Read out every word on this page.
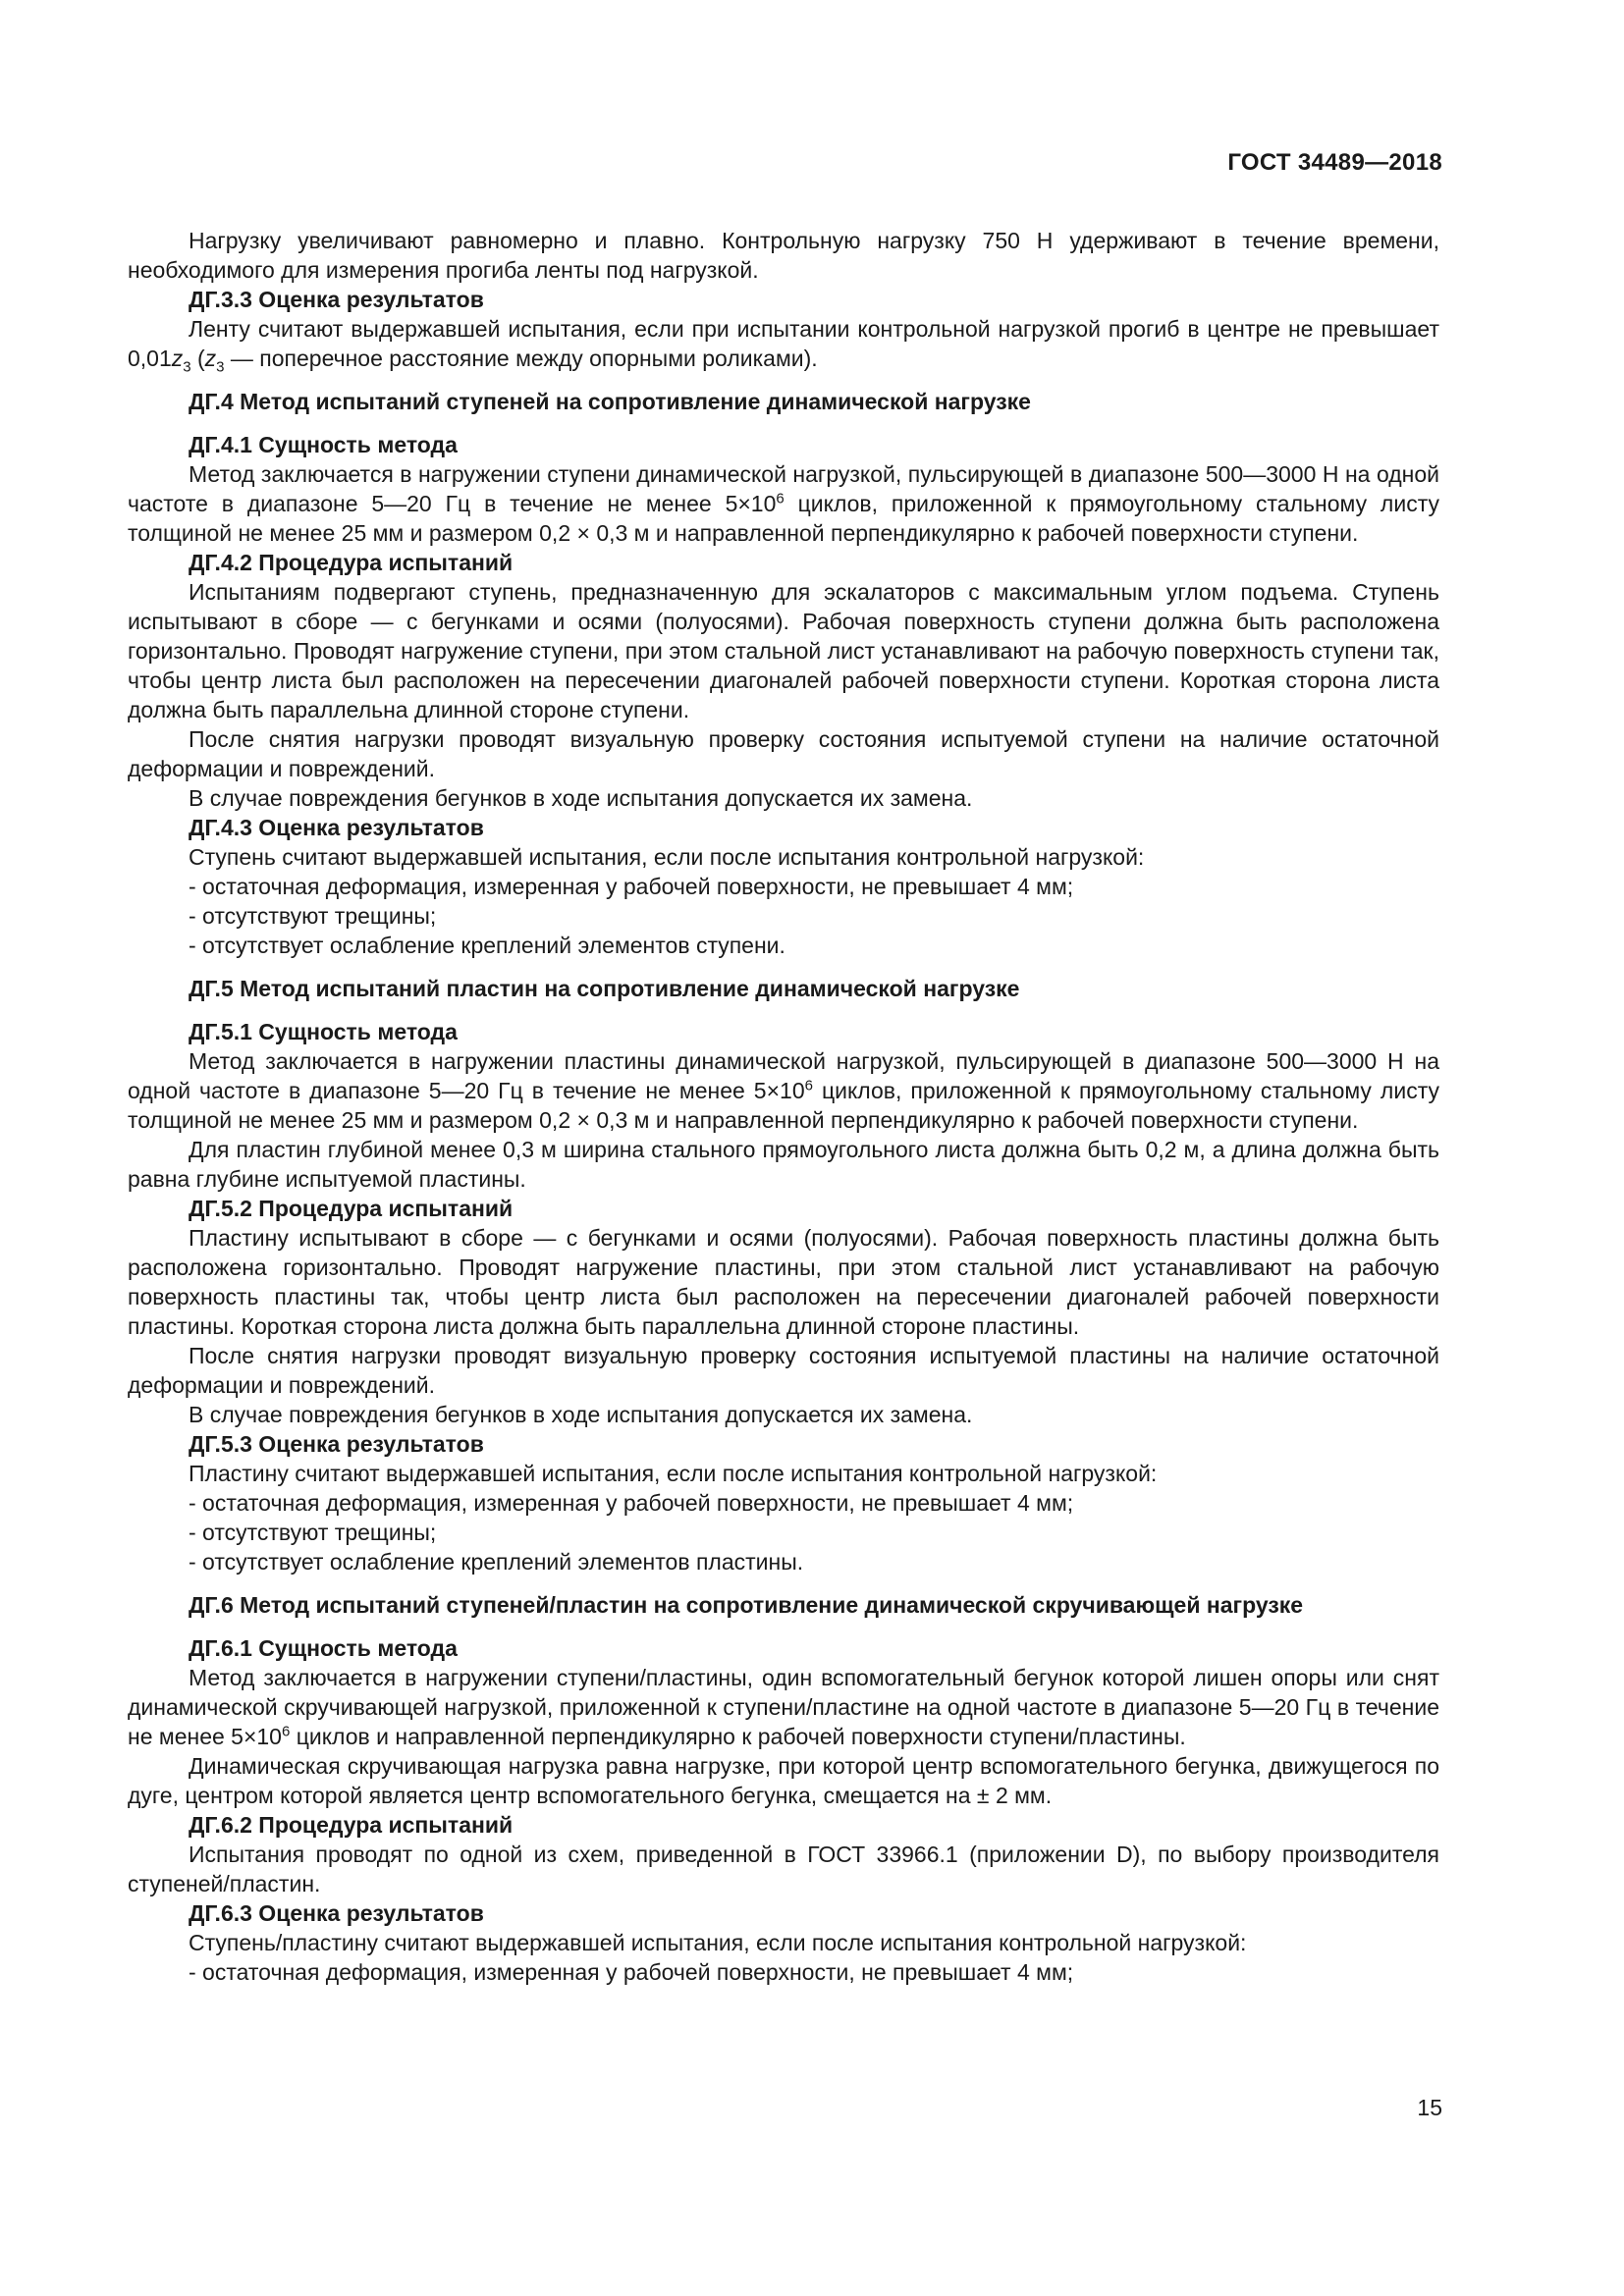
ГОСТ 34489—2018

Нагрузку увеличивают равномерно и плавно. Контрольную нагрузку 750 Н удерживают в течение времени, необходимого для измерения прогиба ленты под нагрузкой.

ДГ.3.3 Оценка результатов

Ленту считают выдержавшей испытания, если при испытании контрольной нагрузкой прогиб в центре не превышает $0,01z_3$ ($z_3$ — поперечное расстояние между опорными роликами).

ДГ.4 Метод испытаний ступеней на сопротивление динамической нагрузке
ДГ.4.1 Сущность метода

Метод заключается в нагружении ступени динамической нагрузкой, пульсирующей в диапазоне 500—3000 Н на одной частоте в диапазоне 5—20 Гц в течение не менее $5\times 10^6$ циклов, приложенной к прямоугольному стальному листу толщиной не менее 25 мм и размером 0,2 × 0,3 м и направленной перпендикулярно к рабочей поверхности ступени.

ДГ.4.2 Процедура испытаний

Испытаниям подвергают ступень, предназначенную для эскалаторов с максимальным углом подъема. Ступень испытывают в сборе — с бегунками и осями (полуосями). Рабочая поверхность ступени должна быть расположена горизонтально. Проводят нагружение ступени, при этом стальной лист устанавливают на рабочую поверхность ступени так, чтобы центр листа был расположен на пересечении диагоналей рабочей поверхности ступени. Короткая сторона листа должна быть параллельна длинной стороне ступени.

После снятия нагрузки проводят визуальную проверку состояния испытуемой ступени на наличие остаточной деформации и повреждений.

В случае повреждения бегунков в ходе испытания допускается их замена.

ДГ.4.3 Оценка результатов

Ступень считают выдержавшей испытания, если после испытания контрольной нагрузкой:

- остаточная деформация, измеренная у рабочей поверхности, не превышает 4 мм;
- отсутствуют трещины;
- отсутствует ослабление креплений элементов ступени.
ДГ.5 Метод испытаний пластин на сопротивление динамической нагрузке
ДГ.5.1 Сущность метода

Метод заключается в нагружении пластины динамической нагрузкой, пульсирующей в диапазоне 500—3000 Н на одной частоте в диапазоне 5—20 Гц в течение не менее $5\times 10^6$ циклов, приложенной к прямоугольному стальному листу толщиной не менее 25 мм и размером 0,2 × 0,3 м и направленной перпендикулярно к рабочей поверхности ступени.

Для пластин глубиной менее 0,3 м ширина стального прямоугольного листа должна быть 0,2 м, а длина должна быть равна глубине испытуемой пластины.

ДГ.5.2 Процедура испытаний

Пластину испытывают в сборе — с бегунками и осями (полуосями). Рабочая поверхность пластины должна быть расположена горизонтально. Проводят нагружение пластины, при этом стальной лист устанавливают на рабочую поверхность пластины так, чтобы центр листа был расположен на пересечении диагоналей рабочей поверхности пластины. Короткая сторона листа должна быть параллельна длинной стороне пластины.

После снятия нагрузки проводят визуальную проверку состояния испытуемой пластины на наличие остаточной деформации и повреждений.

В случае повреждения бегунков в ходе испытания допускается их замена.

ДГ.5.3 Оценка результатов

Пластину считают выдержавшей испытания, если после испытания контрольной нагрузкой:

- остаточная деформация, измеренная у рабочей поверхности, не превышает 4 мм;
- отсутствуют трещины;
- отсутствует ослабление креплений элементов пластины.
ДГ.6 Метод испытаний ступеней/пластин на сопротивление динамической скручивающей нагрузке
ДГ.6.1 Сущность метода

Метод заключается в нагружении ступени/пластины, один вспомогательный бегунок которой лишен опоры или снят динамической скручивающей нагрузкой, приложенной к ступени/пластине на одной частоте в диапазоне 5—20 Гц в течение не менее $5\times 10^6$ циклов и направленной перпендикулярно к рабочей поверхности ступени/пластины.

Динамическая скручивающая нагрузка равна нагрузке, при которой центр вспомогательного бегунка, движущегося по дуге, центром которой является центр вспомогательного бегунка, смещается на ± 2 мм.

ДГ.6.2 Процедура испытаний

Испытания проводят по одной из схем, приведенной в ГОСТ 33966.1 (приложении D), по выбору производителя ступеней/пластин.

ДГ.6.3 Оценка результатов

Ступень/пластину считают выдержавшей испытания, если после испытания контрольной нагрузкой:

- остаточная деформация, измеренная у рабочей поверхности, не превышает 4 мм;
15
